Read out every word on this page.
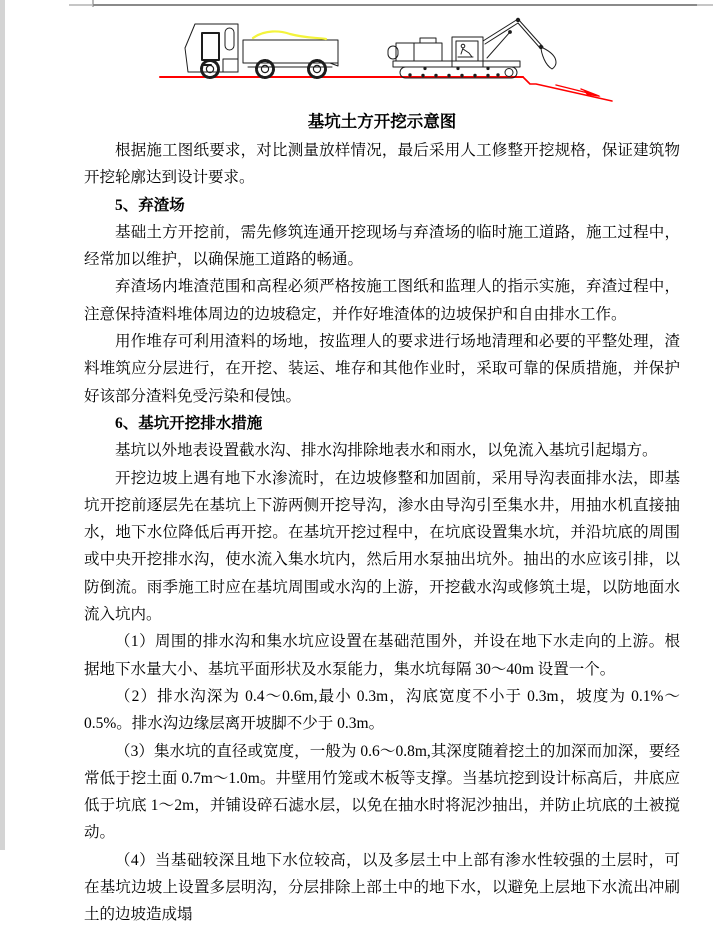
基坑土方开挖示意图
根据施工图纸要求，对比测量放样情况，最后采用人工修整开挖规格，保证建筑物开挖轮廓达到设计要求。
5、弃渣场
基础土方开挖前，需先修筑连通开挖现场与弃渣场的临时施工道路，施工过程中，经常加以维护，以确保施工道路的畅通。
弃渣场内堆渣范围和高程必须严格按施工图纸和监理人的指示实施，弃渣过程中，注意保持渣料堆体周边的边坡稳定，并作好堆渣体的边坡保护和自由排水工作。
用作堆存可利用渣料的场地，按监理人的要求进行场地清理和必要的平整处理，渣料堆筑应分层进行，在开挖、装运、堆存和其他作业时，采取可靠的保质措施，并保护好该部分渣料免受污染和侵蚀。
6、基坑开挖排水措施
基坑以外地表设置截水沟、排水沟排除地表水和雨水，以免流入基坑引起塌方。
开挖边坡上遇有地下水渗流时，在边坡修整和加固前，采用导沟表面排水法，即基坑开挖前逐层先在基坑上下游两侧开挖导沟，渗水由导沟引至集水井，用抽水机直接抽水，地下水位降低后再开挖。在基坑开挖过程中，在坑底设置集水坑，并沿坑底的周围或中央开挖排水沟，使水流入集水坑内，然后用水泵抽出坑外。抽出的水应该引排，以防倒流。雨季施工时应在基坑周围或水沟的上游，开挖截水沟或修筑土堤，以防地面水流入坑内。
（1）周围的排水沟和集水坑应设置在基础范围外，并设在地下水走向的上游。根据地下水量大小、基坑平面形状及水泵能力，集水坑每隔 30～40m 设置一个。
（2）排水沟深为 0.4～0.6m,最小 0.3m，沟底宽度不小于 0.3m，坡度为 0.1%～0.5%。排水沟边缘层离开坡脚不少于 0.3m。
（3）集水坑的直径或宽度，一般为 0.6～0.8m,其深度随着挖土的加深而加深，要经常低于挖土面 0.7m～1.0m。井壁用竹笼或木板等支撑。当基坑挖到设计标高后，井底应低于坑底 1～2m，并铺设碎石滤水层，以免在抽水时将泥沙抽出，并防止坑底的土被搅动。
（4）当基础较深且地下水位较高，以及多层土中上部有渗水性较强的土层时，可在基坑边坡上设置多层明沟，分层排除上部土中的地下水，以避免上层地下水流出冲刷土的边坡造成塌
